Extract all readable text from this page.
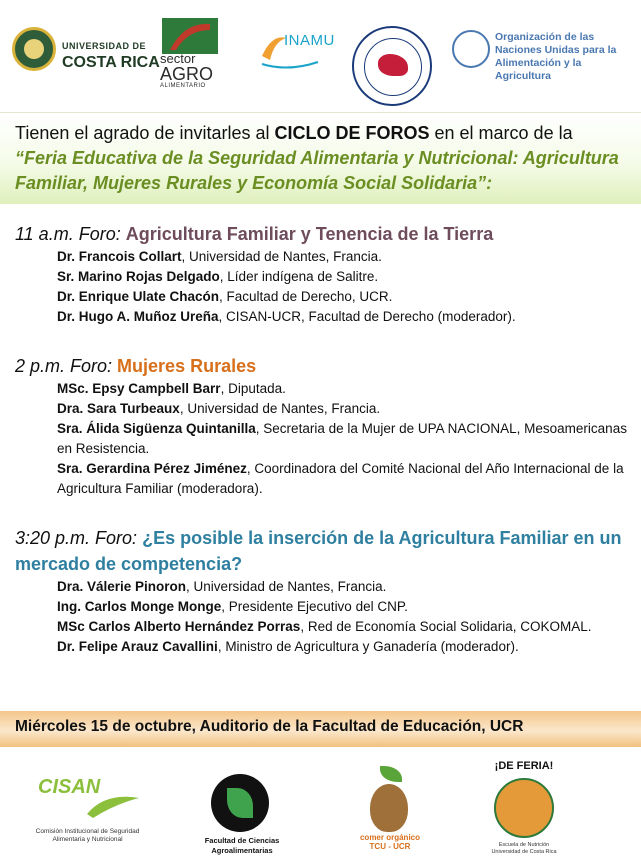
UNIVERSIDAD DE
COSTA RICA sector
AGRO
ALIMENTARIO
INAMU	Organización de las Naciones Unidas para la Alimentación y la Agricultura
Tienen el agrado de invitarles al CICLO DE FOROS en el marco de la
“Feria Educativa de la Seguridad Alimentaria y Nutricional: Agricultura Familiar, Mujeres Rurales y Economía Social Solidaria”:
11 a.m. Foro: Agricultura Familiar y Tenencia de la Tierra
Dr. Francois Collart, Universidad de Nantes, Francia.
Sr. Marino Rojas Delgado, Líder indígena de Salitre.
Dr. Enrique Ulate Chacón, Facultad de Derecho, UCR.
Dr. Hugo A. Muñoz Ureña, CISAN-UCR, Facultad de Derecho (moderador).
2 p.m. Foro: Mujeres Rurales
MSc. Epsy Campbell Barr, Diputada.
Dra. Sara Turbeaux, Universidad de Nantes, Francia.
Sra. Álida Sigüenza Quintanilla, Secretaria de la Mujer de UPA NACIONAL, Mesoamericanas en Resistencia.
Sra. Gerardina Pérez Jiménez, Coordinadora del Comité Nacional del Año Internacional de la Agricultura Familiar (moderadora).
3:20 p.m. Foro: ¿Es posible la inserción de la Agricultura Familiar en un mercado de competencia?
Dra. Válerie Pinoron, Universidad de Nantes, Francia.
Ing. Carlos Monge Monge, Presidente Ejecutivo del CNP.
MSc Carlos Alberto Hernández Porras, Red de Economía Social Solidaria, COKOMAL.
Dr. Felipe Arauz Cavallini, Ministro de Agricultura y Ganadería (moderador).
Miércoles 15 de octubre, Auditorio de la Facultad de Educación, UCR
CISAN
Comisión Institucional de Seguridad Alimentaria y Nutricional	Facultad de Ciencias Agroalimentarias
comer orgánico TCU - UCR
¡DE FERIA!
Escuela de Nutrición Universidad de Costa Rica
